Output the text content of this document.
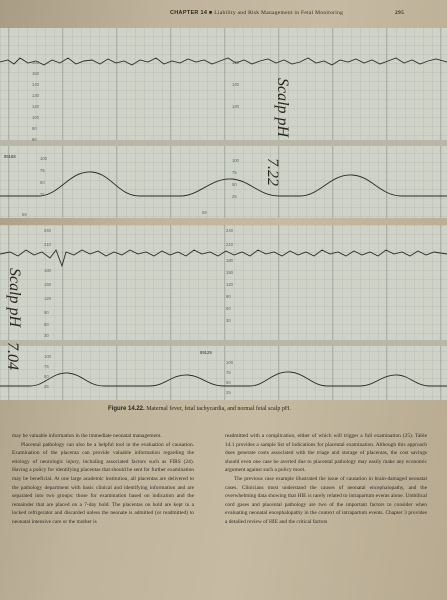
CHAPTER 14 ■ Liability and Risk Management in Fetal Monitoring	295
160
150
140
130
120
100
90
80
160
140
120
100
75
50
25
100
75
50
25
89158
59	59
89129
240	240
210	210
180
150
120
90
60
30
180
150
120
90
60
30
100
75
50
25
100
75
50
25
Scalp pH
7.22
Scalp pH
7.04
Figure 14.22. Maternal fever, fetal tachycardia, and normal fetal scalp pH.

may be valuable information in the immediate neonatal management.

Placental pathology can also be a helpful tool in the evaluation of causation. Examination of the placenta can provide valuable information regarding the etiology of neurologic injury, including associated factors such as FIRS (24). Having a policy for identifying placentas that should be sent for further examination may be beneficial. At one large academic institution, all placentas are delivered to the pathology department with basic clinical and identifying information and are separated into two groups: those for examination based on indication and the remainder that are placed on a 7-day hold. The placentas on hold are kept in a locked refrigerator and discarded unless the neonate is admitted (or readmitted) to neonatal intensive care or the mother is

readmitted with a complication, either of which will trigger a full examination (25). Table 14.1 provides a sample list of indications for placental examination. Although this approach does generate costs associated with the triage and storage of placentas, the cost savings should even one case be averted due to placental pathology may easily make any economic argument against such a policy moot.

The previous case example illustrated the issue of causation in brain-damaged neonatal cases. Clinicians must understand the causes of neonatal encephalopathy, and the overwhelming data showing that HIE is rarely related to intrapartum events alone. Umbilical cord gases and placental pathology are two of the important factors to consider when evaluating neonatal encephalopathy in the context of intrapartum events. Chapter 3 provides a detailed review of HIE and the critical factors
